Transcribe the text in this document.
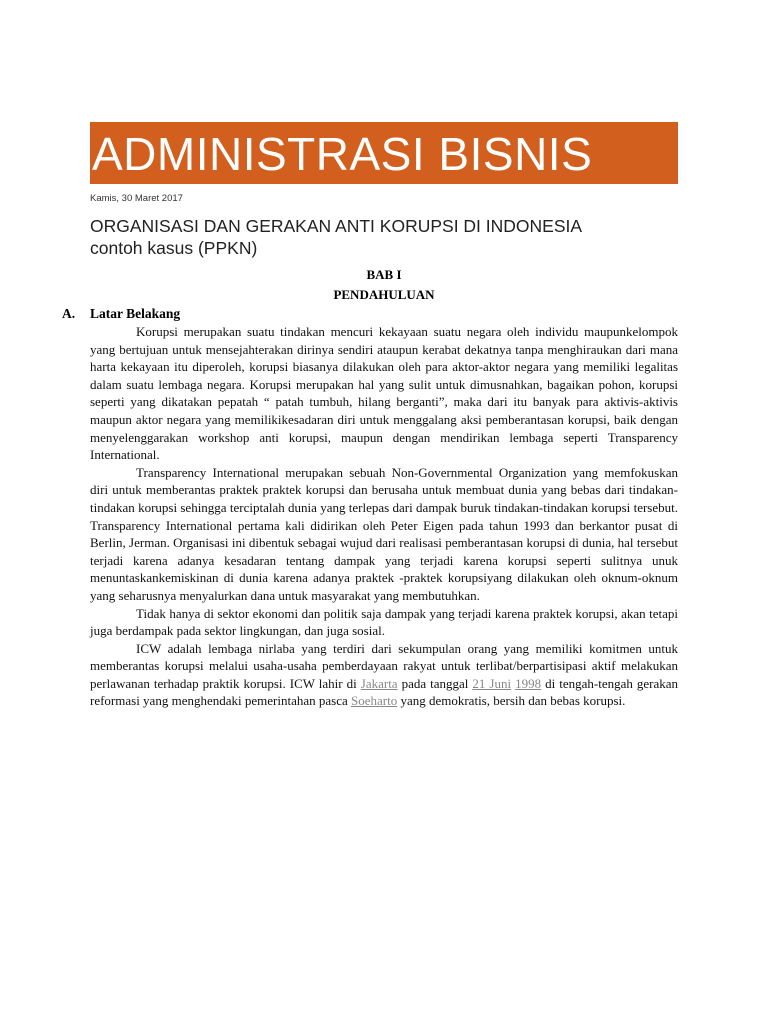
ADMINISTRASI BISNIS
Kamis, 30 Maret 2017
ORGANISASI DAN GERAKAN ANTI KORUPSI DI INDONESIA
contoh kasus (PPKN)
BAB I
PENDAHULUAN
A. Latar Belakang

Korupsi merupakan suatu tindakan mencuri kekayaan suatu negara oleh individu maupunkelompok yang bertujuan untuk mensejahterakan dirinya sendiri ataupun kerabat dekatnya tanpa menghiraukan dari mana harta kekayaan itu diperoleh, korupsi biasanya dilakukan oleh para aktor-aktor negara yang memiliki legalitas dalam suatu lembaga negara. Korupsi merupakan hal yang sulit untuk dimusnahkan, bagaikan pohon, korupsi seperti yang dikatakan pepatah “ patah tumbuh, hilang berganti”, maka dari itu banyak para aktivis-aktivis maupun aktor negara yang memilikikesadaran diri untuk menggalang aksi pemberantasan korupsi, baik dengan menyelenggarakan workshop anti korupsi, maupun dengan mendirikan lembaga seperti Transparency International.

Transparency International merupakan sebuah Non-Governmental Organization yang memfokuskan diri untuk memberantas praktek praktek korupsi dan berusaha untuk membuat dunia yang bebas dari tindakan-tindakan korupsi sehingga terciptalah dunia yang terlepas dari dampak buruk tindakan-tindakan korupsi tersebut. Transparency International pertama kali didirikan oleh Peter Eigen pada tahun 1993 dan berkantor pusat di Berlin, Jerman. Organisasi ini dibentuk sebagai wujud dari realisasi pemberantasan korupsi di dunia, hal tersebut terjadi karena adanya kesadaran tentang dampak yang terjadi karena korupsi seperti sulitnya unuk menuntaskankemiskinan di dunia karena adanya praktek -praktek korupsiyang dilakukan oleh oknum-oknum yang seharusnya menyalurkan dana untuk masyarakat yang membutuhkan.

Tidak hanya di sektor ekonomi dan politik saja dampak yang terjadi karena praktek korupsi, akan tetapi juga berdampak pada sektor lingkungan, dan juga sosial.

ICW adalah lembaga nirlaba yang terdiri dari sekumpulan orang yang memiliki komitmen untuk memberantas korupsi melalui usaha-usaha pemberdayaan rakyat untuk terlibat/berpartisipasi aktif melakukan perlawanan terhadap praktik korupsi. ICW lahir di Jakarta pada tanggal 21 Juni 1998 di tengah-tengah gerakan reformasi yang menghendaki pemerintahan pasca Soeharto yang demokratis, bersih dan bebas korupsi.
